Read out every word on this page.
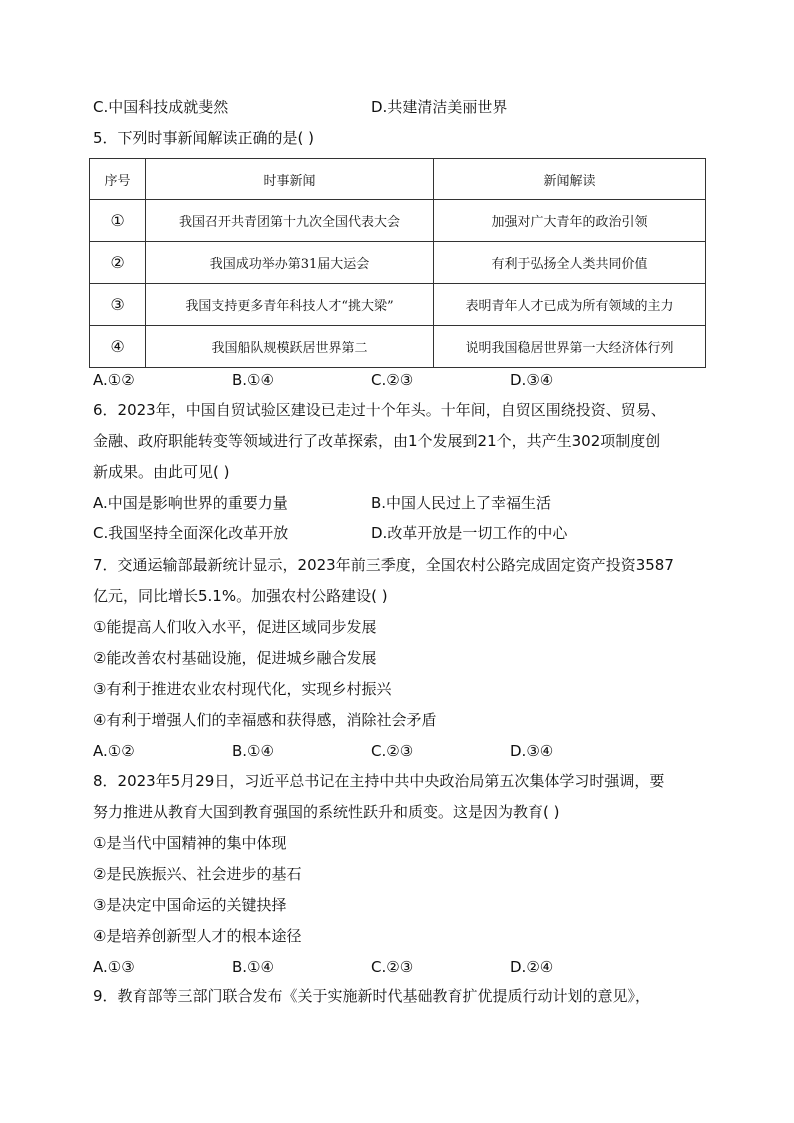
C.中国科技成就斐然	D.共建清洁美丽世界
5．下列时事新闻解读正确的是( )
序号	时事新闻	新闻解读
①	我国召开共青团第十九次全国代表大会	加强对广大青年的政治引领
②	我国成功举办第31届大运会	有利于弘扬全人类共同价值
③	我国支持更多青年科技人才“挑大梁”	表明青年人才已成为所有领域的主力
④	我国船队规模跃居世界第二	说明我国稳居世界第一大经济体行列
A.①②	B.①④	C.②③	D.③④
6．2023年，中国自贸试验区建设已走过十个年头。十年间，自贸区围绕投资、贸易、
金融、政府职能转变等领域进行了改革探索，由1个发展到21个，共产生302项制度创
新成果。由此可见( )
A.中国是影响世界的重要力量	B.中国人民过上了幸福生活
C.我国坚持全面深化改革开放	D.改革开放是一切工作的中心
7．交通运输部最新统计显示，2023年前三季度，全国农村公路完成固定资产投资3587
亿元，同比增长5.1%。加强农村公路建设( )
①能提高人们收入水平，促进区域同步发展
②能改善农村基础设施，促进城乡融合发展
③有利于推进农业农村现代化，实现乡村振兴
④有利于增强人们的幸福感和获得感，消除社会矛盾
A.①②	B.①④	C.②③	D.③④
8．2023年5月29日，习近平总书记在主持中共中央政治局第五次集体学习时强调，要
努力推进从教育大国到教育强国的系统性跃升和质变。这是因为教育( )
①是当代中国精神的集中体现
②是民族振兴、社会进步的基石
③是决定中国命运的关键抉择
④是培养创新型人才的根本途径
A.①③	B.①④	C.②③	D.②④
9．教育部等三部门联合发布《关于实施新时代基础教育扩优提质行动计划的意见》，
